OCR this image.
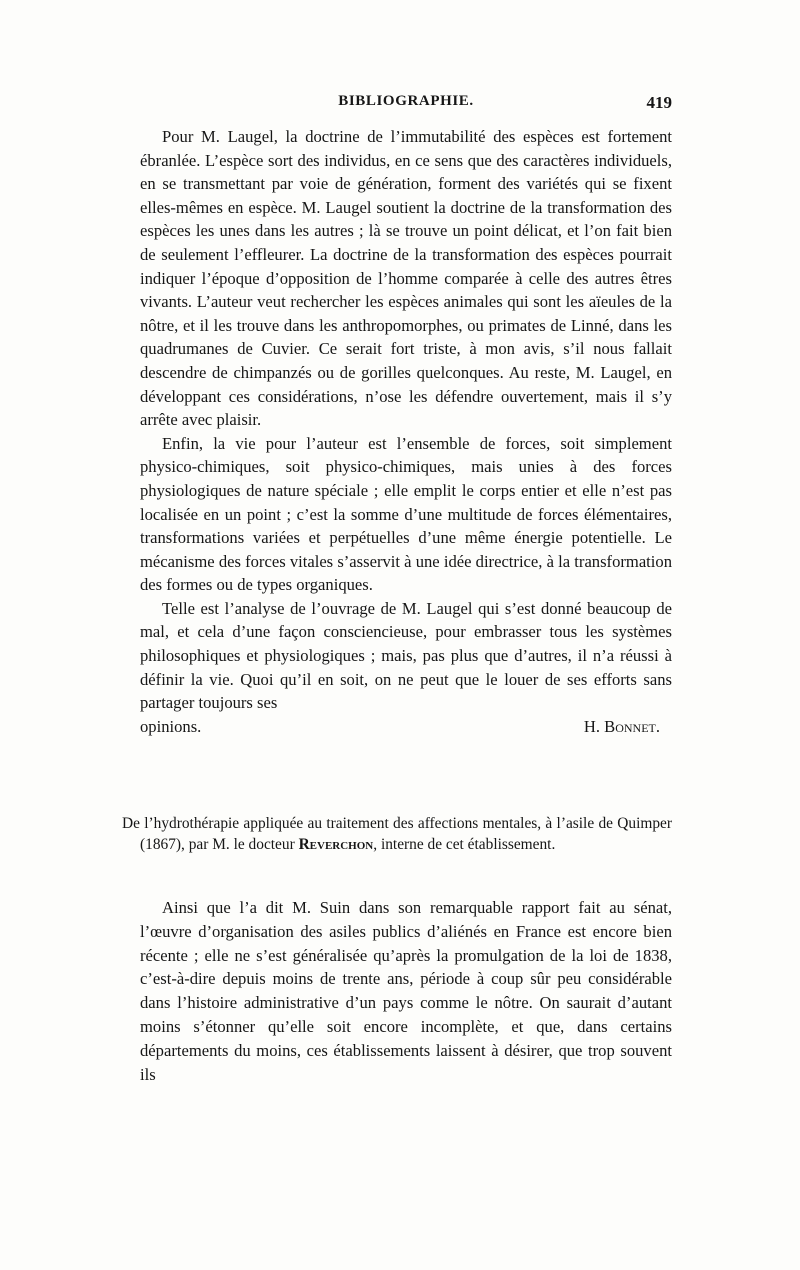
BIBLIOGRAPHIE.	419

Pour M. Laugel, la doctrine de l’immutabilité des espèces est fortement ébranlée. L’espèce sort des individus, en ce sens que des caractères individuels, en se transmettant par voie de génération, forment des variétés qui se fixent elles-mêmes en espèce. M. Laugel soutient la doctrine de la transformation des espèces les unes dans les autres ; là se trouve un point délicat, et l’on fait bien de seulement l’effleurer. La doctrine de la transformation des espèces pourrait indiquer l’époque d’opposition de l’homme comparée à celle des autres êtres vivants. L’auteur veut rechercher les espèces animales qui sont les aïeules de la nôtre, et il les trouve dans les anthropomorphes, ou primates de Linné, dans les quadrumanes de Cuvier. Ce serait fort triste, à mon avis, s’il nous fallait descendre de chimpanzés ou de gorilles quelconques. Au reste, M. Laugel, en développant ces considérations, n’ose les défendre ouvertement, mais il s’y arrête avec plaisir.

Enfin, la vie pour l’auteur est l’ensemble de forces, soit simplement physico-chimiques, soit physico-chimiques, mais unies à des forces physiologiques de nature spéciale ; elle emplit le corps entier et elle n’est pas localisée en un point ; c’est la somme d’une multitude de forces élémentaires, transformations variées et perpétuelles d’une même énergie potentielle. Le mécanisme des forces vitales s’asservit à une idée directrice, à la transformation des formes ou de types organiques.

Telle est l’analyse de l’ouvrage de M. Laugel qui s’est donné beaucoup de mal, et cela d’une façon consciencieuse, pour embrasser tous les systèmes philosophiques et physiologiques ; mais, pas plus que d’autres, il n’a réussi à définir la vie. Quoi qu’il en soit, on ne peut que le louer de ses efforts sans partager toujours ses

opinions.	H. Bonnet.
De l’hydrothérapie appliquée au traitement des affections mentales, à l’asile de Quimper (1867), par M. le docteur Reverchon, interne de cet établissement.

Ainsi que l’a dit M. Suin dans son remarquable rapport fait au sénat, l’œuvre d’organisation des asiles publics d’aliénés en France est encore bien récente ; elle ne s’est généralisée qu’après la promulgation de la loi de 1838, c’est-à-dire depuis moins de trente ans, période à coup sûr peu considérable dans l’histoire administrative d’un pays comme le nôtre. On saurait d’autant moins s’étonner qu’elle soit encore incomplète, et que, dans certains départements du moins, ces établissements laissent à désirer, que trop souvent ils
